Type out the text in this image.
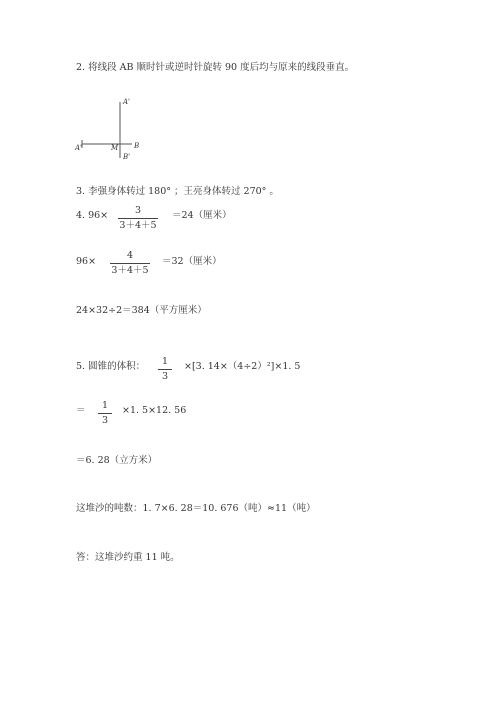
2. 将线段 AB 顺时针或逆时针旋转 90 度后均与原来的线段垂直。
A'
A'	M B
B'
3. 李强身体转过 180° ；王亮身体转过 270° 。
4. 96×	3
3＋4＋5
＝24（厘米）
96×
4
3＋4＋5
＝32（厘米）
24×32÷2＝384（平方厘米）
5. 圆锥的体积：	1
3
×[3. 14×（4÷2）²]×1. 5
＝	1
3
×1. 5×12. 56
＝6. 28（立方米）
这堆沙的吨数：1. 7×6. 28＝10. 676（吨）≈11（吨）
答：这堆沙约重 11 吨。
